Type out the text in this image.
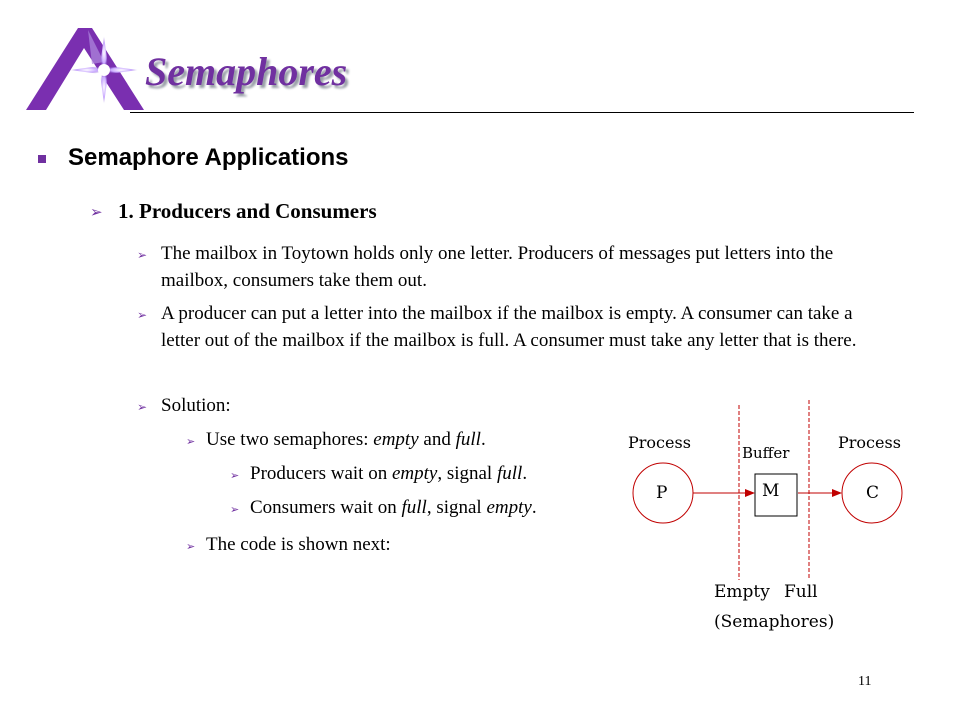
Semaphores
Semaphore Applications
➢ 1. Producers and Consumers
➢ The mailbox in Toytown holds only one letter. Producers of messages put letters into the mailbox, consumers take them out.
➢ A producer can put a letter into the mailbox if the mailbox is empty. A consumer can take a letter out of the mailbox if the mailbox is full. A consumer must take any letter that is there.
➢ Solution:
➢ Use two semaphores: empty and full.
➢ Producers wait on empty, signal full.
➢ Consumers wait on full, signal empty.
➢ The code is shown next:
Process	Process
Buffer
P	M	C
Empty Full
(Semaphores)
11
